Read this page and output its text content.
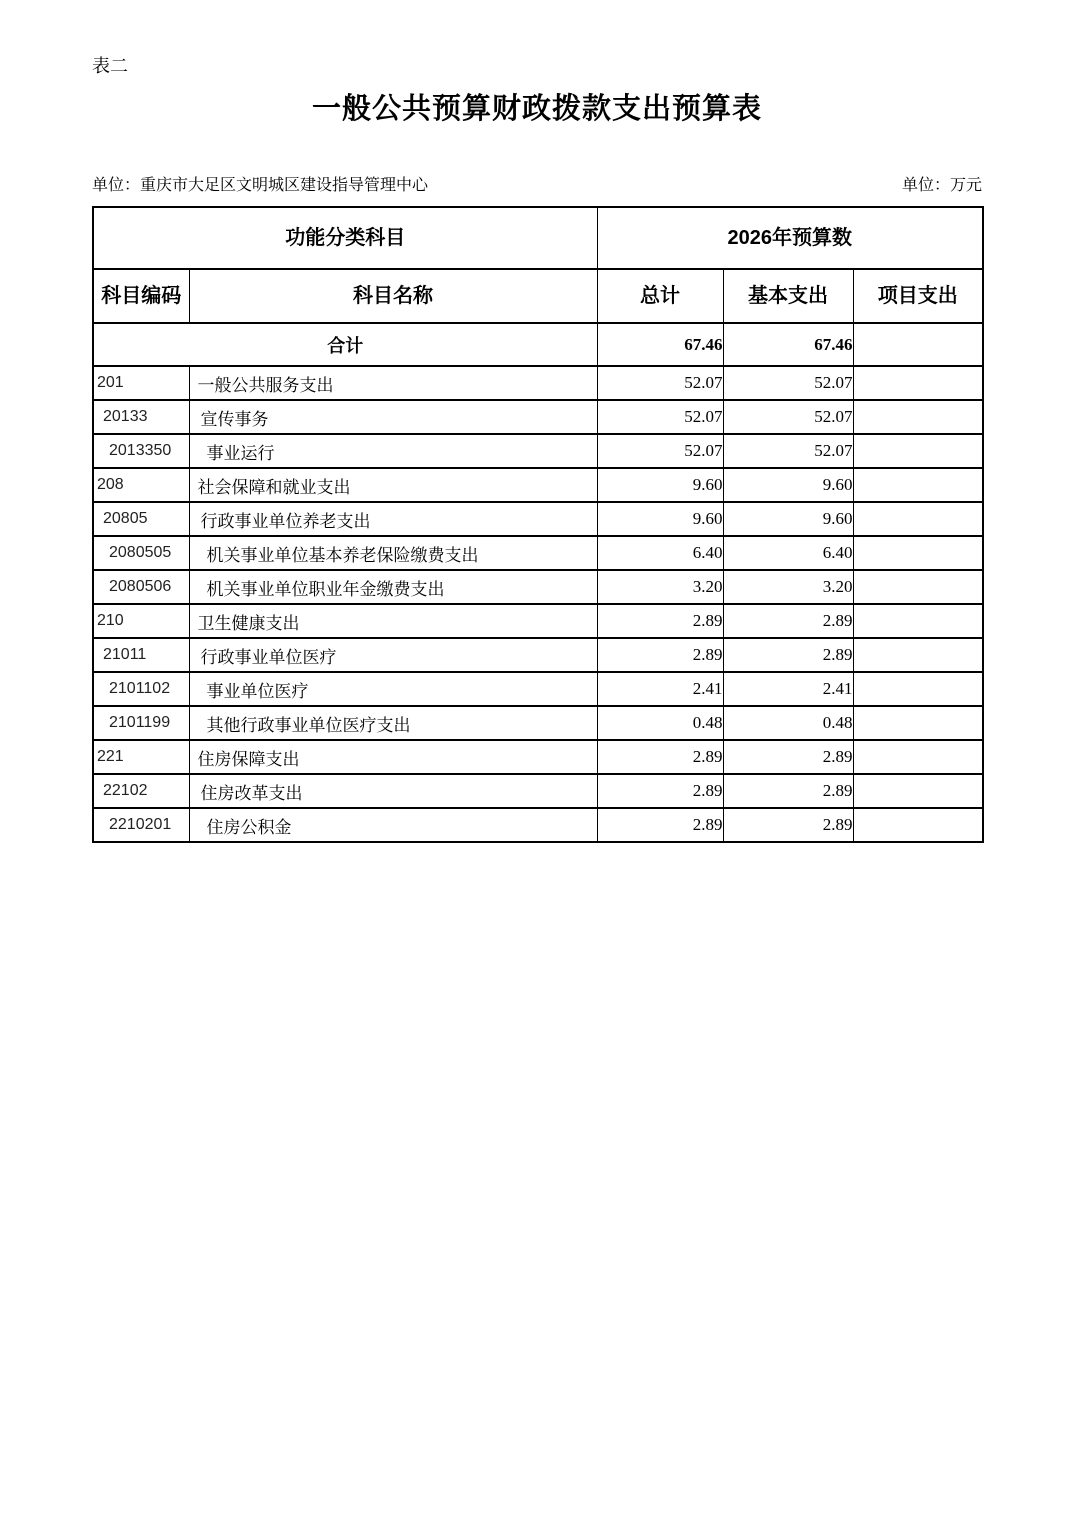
表二
一般公共预算财政拨款支出预算表
单位：重庆市大足区文明城区建设指导管理中心	单位：万元
功能分类科目		2026年预算数		
科目编码	科目名称	总计	基本支出	项目支出
合计		67.46	67.46	
201	一般公共服务支出	52.07	52.07	
20133	宣传事务	52.07	52.07	
2013350	事业运行	52.07	52.07	
208	社会保障和就业支出	9.60	9.60	
20805	行政事业单位养老支出	9.60	9.60	
2080505	机关事业单位基本养老保险缴费支出	6.40	6.40	
2080506	机关事业单位职业年金缴费支出	3.20	3.20	
210	卫生健康支出	2.89	2.89	
21011	行政事业单位医疗	2.89	2.89	
2101102	事业单位医疗	2.41	2.41	
2101199	其他行政事业单位医疗支出	0.48	0.48	
221	住房保障支出	2.89	2.89	
22102	住房改革支出	2.89	2.89	
2210201	住房公积金	2.89	2.89	
